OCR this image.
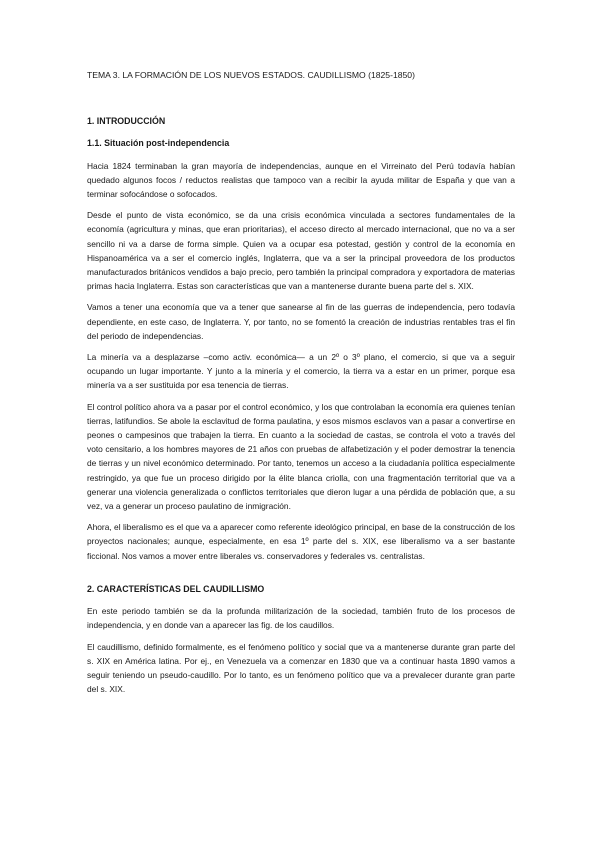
TEMA 3. LA FORMACIÓN DE LOS NUEVOS ESTADOS. CAUDILLISMO (1825-1850)
1. INTRODUCCIÓN
1.1. Situación post-independencia

Hacia 1824 terminaban la gran mayoría de independencias, aunque en el Virreinato del Perú todavía habían quedado algunos focos / reductos realistas que tampoco van a recibir la ayuda militar de España y que van a terminar sofocándose o sofocados.

Desde el punto de vista económico, se da una crisis económica vinculada a sectores fundamentales de la economía (agricultura y minas, que eran prioritarias), el acceso directo al mercado internacional, que no va a ser sencillo ni va a darse de forma simple. Quien va a ocupar esa potestad, gestión y control de la economía en Hispanoamérica va a ser el comercio inglés, Inglaterra, que va a ser la principal proveedora de los productos manufacturados británicos vendidos a bajo precio, pero también la principal compradora y exportadora de materias primas hacia Inglaterra. Estas son características que van a mantenerse durante buena parte del s. XIX.

Vamos a tener una economía que va a tener que sanearse al fin de las guerras de independencia, pero todavía dependiente, en este caso, de Inglaterra. Y, por tanto, no se fomentó la creación de industrias rentables tras el fin del periodo de independencias.

La minería va a desplazarse –como activ. económica— a un 2º o 3º plano, el comercio, si que va a seguir ocupando un lugar importante. Y junto a la minería y el comercio, la tierra va a estar en un primer, porque esa minería va a ser sustituida por esa tenencia de tierras.

El control político ahora va a pasar por el control económico, y los que controlaban la economía era quienes tenían tierras, latifundios. Se abole la esclavitud de forma paulatina, y esos mismos esclavos van a pasar a convertirse en peones o campesinos que trabajen la tierra. En cuanto a la sociedad de castas, se controla el voto a través del voto censitario, a los hombres mayores de 21 años con pruebas de alfabetización y el poder demostrar la tenencia de tierras y un nivel económico determinado. Por tanto, tenemos un acceso a la ciudadanía política especialmente restringido, ya que fue un proceso dirigido por la élite blanca criolla, con una fragmentación territorial que va a generar una violencia generalizada o conflictos territoriales que dieron lugar a una pérdida de población que, a su vez, va a generar un proceso paulatino de inmigración.

Ahora, el liberalismo es el que va a aparecer como referente ideológico principal, en base de la construcción de los proyectos nacionales; aunque, especialmente, en esa 1º parte del s. XIX, ese liberalismo va a ser bastante ficcional. Nos vamos a mover entre liberales vs. conservadores y federales vs. centralistas.

2. CARACTERÍSTICAS DEL CAUDILLISMO

En este periodo también se da la profunda militarización de la sociedad, también fruto de los procesos de independencia, y en donde van a aparecer las fig. de los caudillos.

El caudillismo, definido formalmente, es el fenómeno político y social que va a mantenerse durante gran parte del s. XIX en América latina. Por ej., en Venezuela va a comenzar en 1830 que va a continuar hasta 1890 vamos a seguir teniendo un pseudo-caudillo. Por lo tanto, es un fenómeno político que va a prevalecer durante gran parte del s. XIX.
